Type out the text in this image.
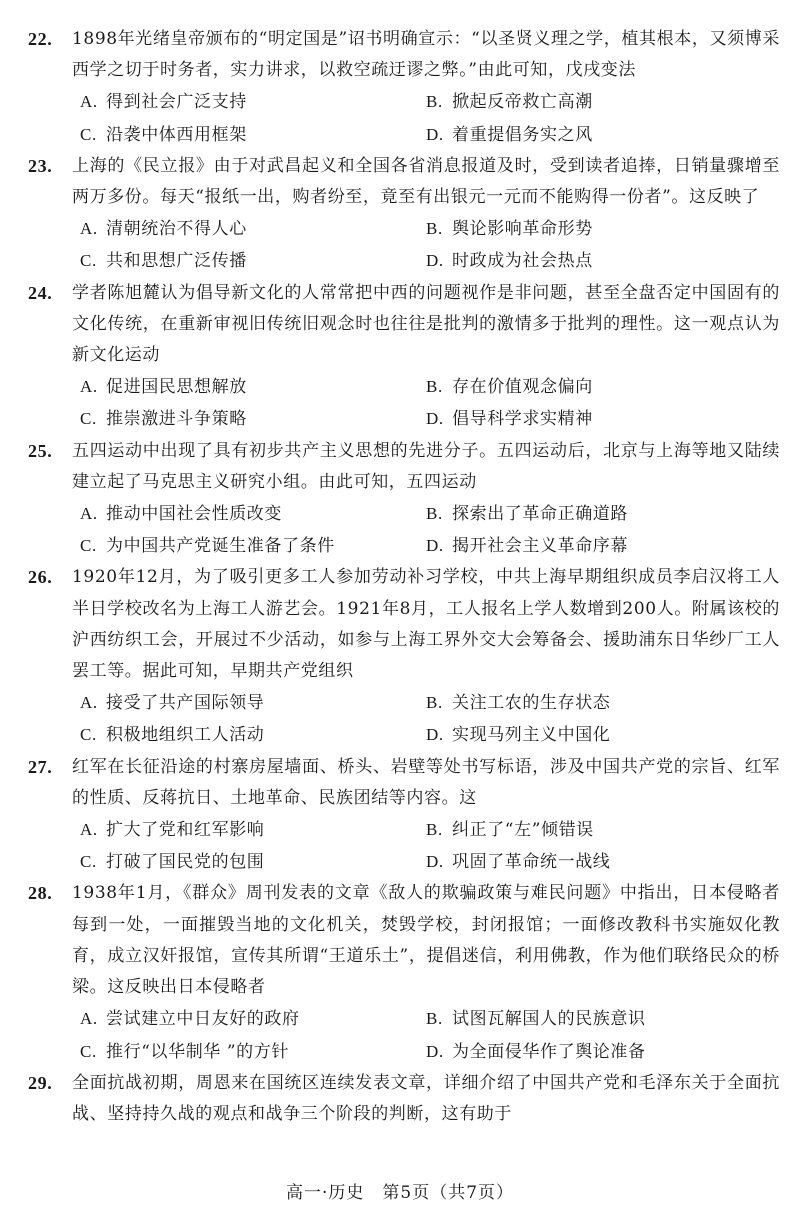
22. 1898年光绪皇帝颁布的“明定国是”诏书明确宣示：“以圣贤义理之学，植其根本，又须博采西学之切于时务者，实力讲求，以救空疏迂谬之弊。”由此可知，戊戌变法
A. 得到社会广泛支持	B. 掀起反帝救亡高潮
C. 沿袭中体西用框架	D. 着重提倡务实之风
23. 上海的《民立报》由于对武昌起义和全国各省消息报道及时，受到读者追捧，日销量骤增至两万多份。每天“报纸一出，购者纷至，竟至有出银元一元而不能购得一份者”。这反映了
A. 清朝统治不得人心	B. 舆论影响革命形势
C. 共和思想广泛传播	D. 时政成为社会热点
24. 学者陈旭麓认为倡导新文化的人常常把中西的问题视作是非问题，甚至全盘否定中国固有的文化传统，在重新审视旧传统旧观念时也往往是批判的激情多于批判的理性。这一观点认为新文化运动
A. 促进国民思想解放	B. 存在价值观念偏向
C. 推崇激进斗争策略	D. 倡导科学求实精神
25. 五四运动中出现了具有初步共产主义思想的先进分子。五四运动后，北京与上海等地又陆续建立起了马克思主义研究小组。由此可知，五四运动
A. 推动中国社会性质改变	B. 探索出了革命正确道路
C. 为中国共产党诞生准备了条件	D. 揭开社会主义革命序幕
26. 1920年12月，为了吸引更多工人参加劳动补习学校，中共上海早期组织成员李启汉将工人半日学校改名为上海工人游艺会。1921年8月，工人报名上学人数增到200人。附属该校的沪西纺织工会，开展过不少活动，如参与上海工界外交大会筹备会、援助浦东日华纱厂工人罢工等。据此可知，早期共产党组织
A. 接受了共产国际领导	B. 关注工农的生存状态
C. 积极地组织工人活动	D. 实现马列主义中国化
27. 红军在长征沿途的村寨房屋墙面、桥头、岩壁等处书写标语，涉及中国共产党的宗旨、红军的性质、反蒋抗日、土地革命、民族团结等内容。这
A. 扩大了党和红军影响	B. 纠正了“左”倾错误
C. 打破了国民党的包围	D. 巩固了革命统一战线
28. 1938年1月，《群众》周刊发表的文章《敌人的欺骗政策与难民问题》中指出，日本侵略者每到一处，一面摧毁当地的文化机关，焚毁学校，封闭报馆；一面修改教科书实施奴化教育，成立汉奸报馆，宣传其所谓“王道乐土”，提倡迷信，利用佛教，作为他们联络民众的桥梁。这反映出日本侵略者
A. 尝试建立中日友好的政府	B. 试图瓦解国人的民族意识
C. 推行“以华制华 ”的方针	D. 为全面侵华作了舆论准备
29. 全面抗战初期，周恩来在国统区连续发表文章，详细介绍了中国共产党和毛泽东关于全面抗战、坚持持久战的观点和战争三个阶段的判断，这有助于
高一·历史　第5页（共7页）
